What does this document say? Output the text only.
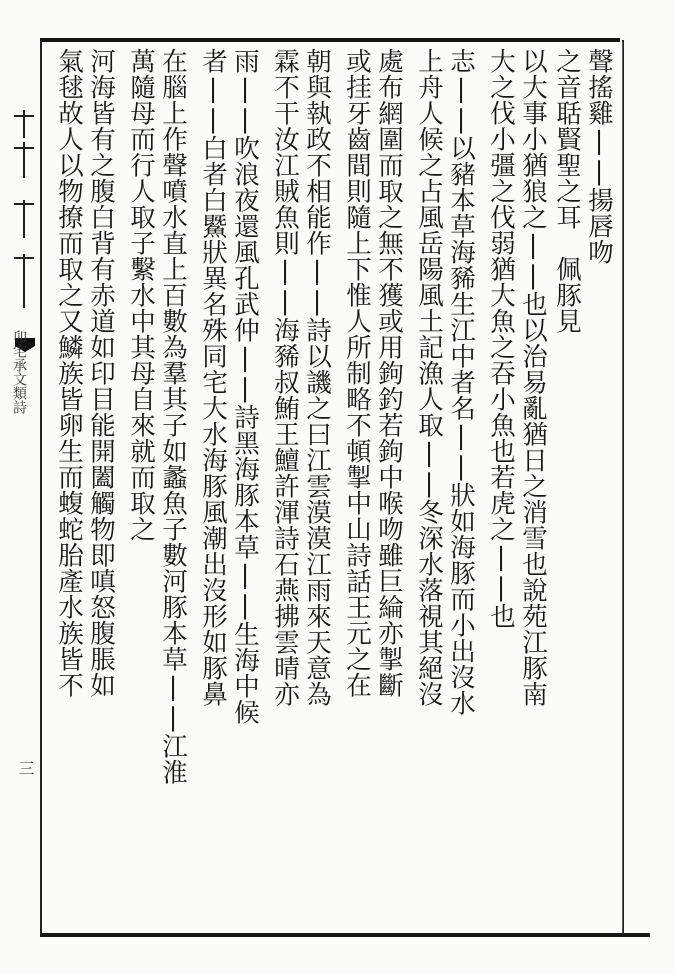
卯宅承文類詩
三
聲搖雞||揚唇吻
之音聒賢聖之耳　佩豚見
以大事小猶狼之||也以治易亂猶日之消雪也說苑江豚南
大之伐小彊之伐弱猶大魚之吞小魚也若虎之||也
志||以豬本草海豨生江中者名||狀如海豚而小出沒水
上舟人候之占風岳陽風土記漁人取||冬深水落視其絕沒
處布網圍而取之無不獲或用鉤釣若鉤中喉吻雖巨綸亦掣斷
或挂牙齒間則隨上下惟人所制略不頓掣中山詩話王元之在
朝與執政不相能作||詩以譏之曰江雲漠漠江雨來天意為
霖不干汝江賊魚則||海豨叔鮪王鱣許渾詩石燕拂雲晴亦
雨||吹浪夜還風孔武仲||詩黑海豚本草||生海中候
者||白者白鱀狀異名殊同宅大水海豚風潮出沒形如豚鼻
在腦上作聲噴水直上百數為羣其子如蠡魚子數河豚本草||江淮
萬隨母而行人取子繫水中其母自來就而取之
河海皆有之腹白背有赤道如印目能開闔觸物即嗔怒腹脹如
氣毬故人以物撩而取之又鱗族皆卵生而蝮蛇胎產水族皆不
